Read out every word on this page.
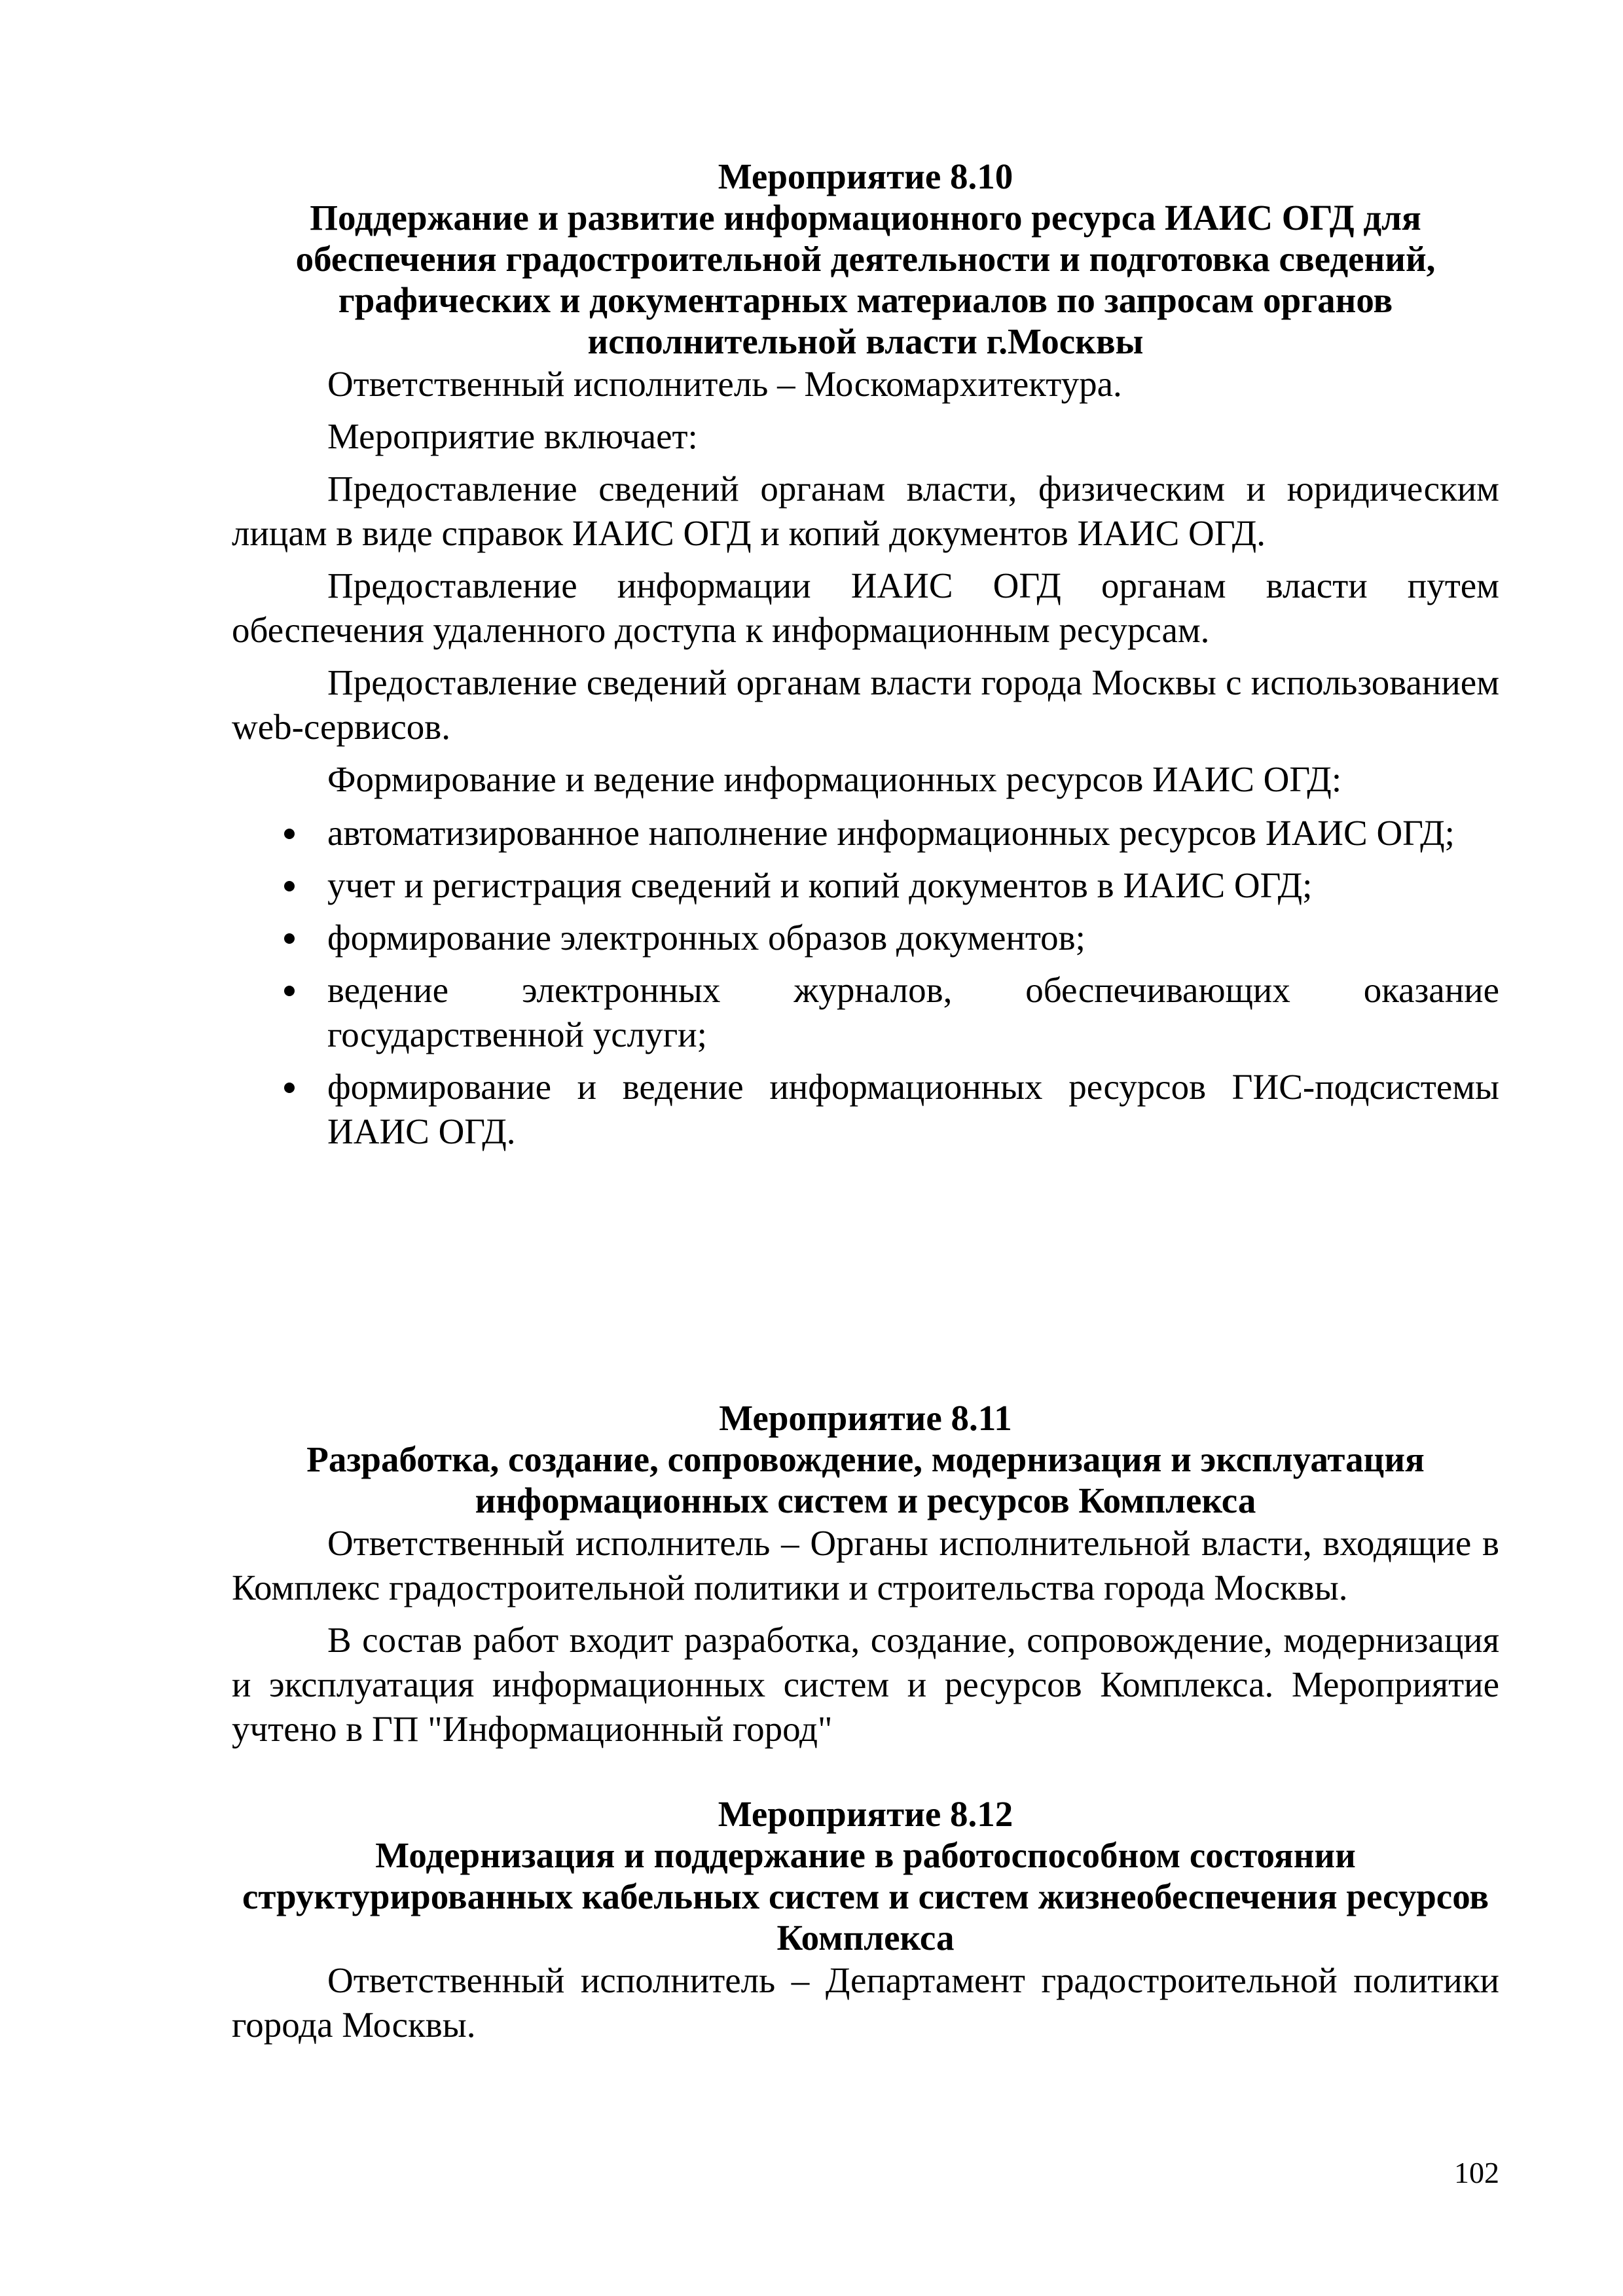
Мероприятие 8.10

Поддержание и развитие информационного ресурса ИАИС ОГД для обеспечения градостроительной деятельности и подготовка сведений, графических и документарных материалов по запросам органов исполнительной власти г.Москвы

Ответственный исполнитель – Москомархитектура.

Мероприятие включает:

Предоставление сведений органам власти, физическим и юридическим лицам в виде справок ИАИС ОГД и копий документов ИАИС ОГД.

Предоставление информации ИАИС ОГД органам власти путем обеспечения удаленного доступа к информационным ресурсам.

Предоставление сведений органам власти города Москвы с использованием web-сервисов.

Формирование и ведение информационных ресурсов ИАИС ОГД:

автоматизированное наполнение информационных ресурсов ИАИС ОГД;
учет и регистрация сведений и копий документов в ИАИС ОГД;
формирование электронных образов документов;
ведение электронных журналов, обеспечивающих оказание государственной услуги;
формирование и ведение информационных ресурсов ГИС-подсистемы ИАИС ОГД.

Мероприятие 8.11

Разработка, создание, сопровождение, модернизация и эксплуатация информационных систем и ресурсов Комплекса

Ответственный исполнитель – Органы исполнительной власти, входящие в Комплекс градостроительной политики и строительства города Москвы.

В состав работ входит разработка, создание, сопровождение, модернизация и эксплуатация информационных систем и ресурсов Комплекса. Мероприятие учтено в ГП "Информационный город"

Мероприятие 8.12

Модернизация и поддержание в работоспособном состоянии структурированных кабельных систем и систем жизнеобеспечения ресурсов Комплекса

Ответственный исполнитель – Департамент градостроительной политики города Москвы.

102
